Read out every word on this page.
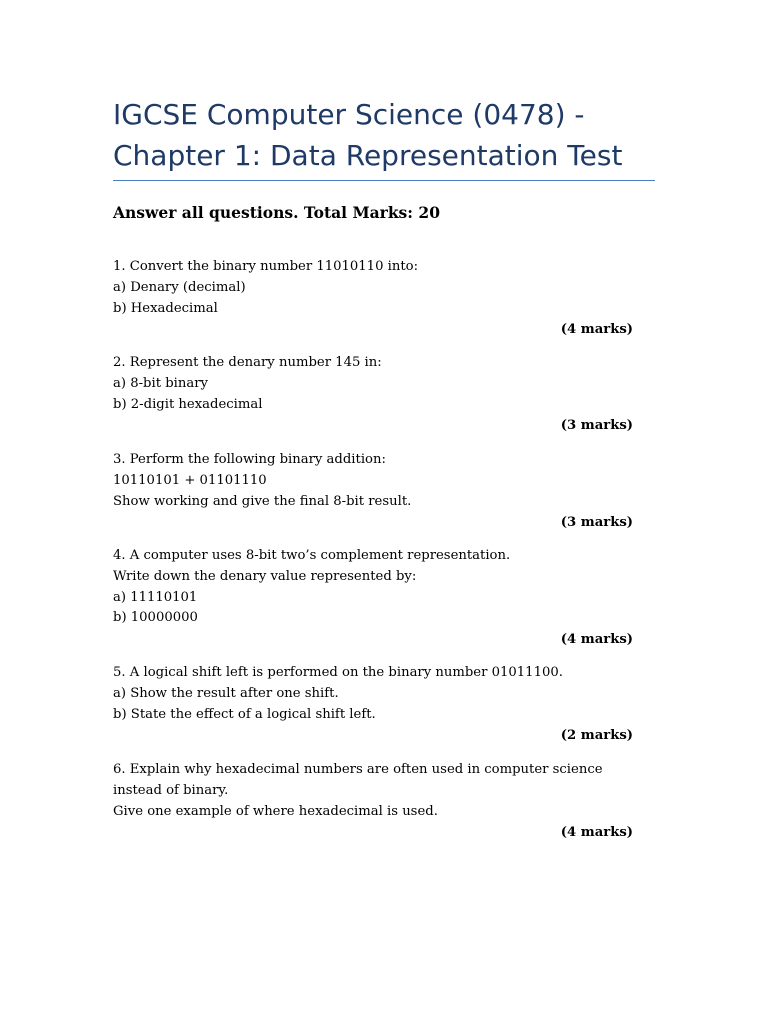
IGCSE Computer Science (0478) -
Chapter 1: Data Representation Test
Answer all questions. Total Marks: 20
1. Convert the binary number 11010110 into:
a) Denary (decimal)
b) Hexadecimal
(4 marks)
2. Represent the denary number 145 in:
a) 8-bit binary
b) 2-digit hexadecimal
(3 marks)
3. Perform the following binary addition:
10110101 + 01101110
Show working and give the final 8-bit result.
(3 marks)
4. A computer uses 8-bit two’s complement representation.
Write down the denary value represented by:
a) 11110101
b) 10000000
(4 marks)
5. A logical shift left is performed on the binary number 01011100.
a) Show the result after one shift.
b) State the effect of a logical shift left.
(2 marks)
6. Explain why hexadecimal numbers are often used in computer science instead of binary.
Give one example of where hexadecimal is used.
(4 marks)
